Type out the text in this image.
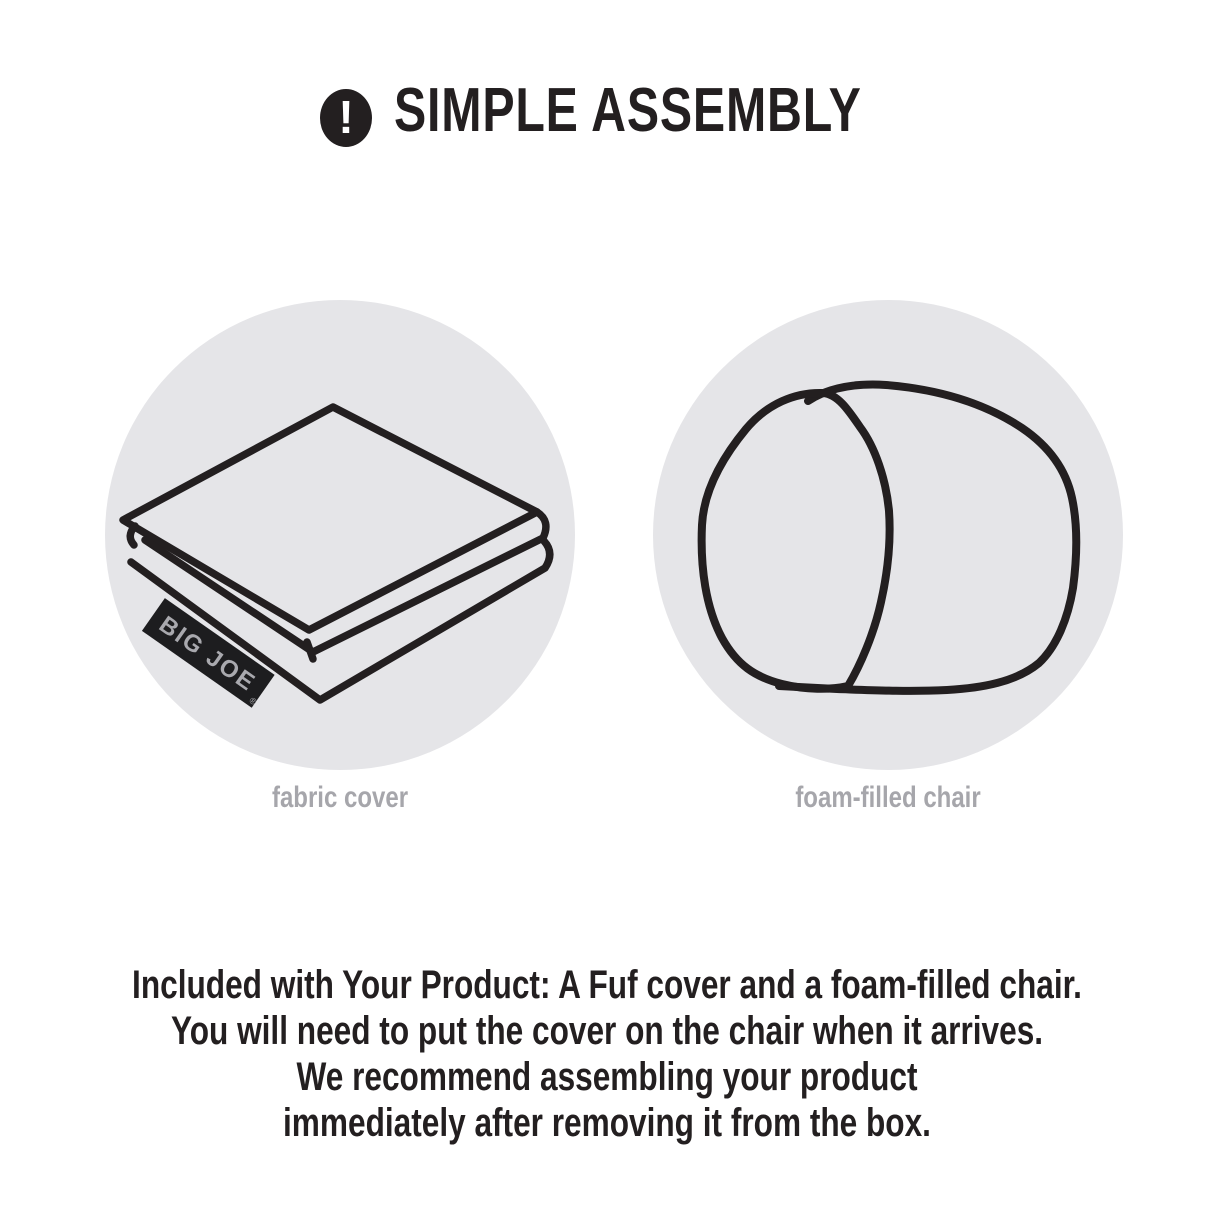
! SIMPLE ASSEMBLY
BIG JOE
®

fabric cover	foam-filled chair

Included with Your Product: A Fuf cover and a foam-filled chair.
You will need to put the cover on the chair when it arrives.
We recommend assembling your product
immediately after removing it from the box.
